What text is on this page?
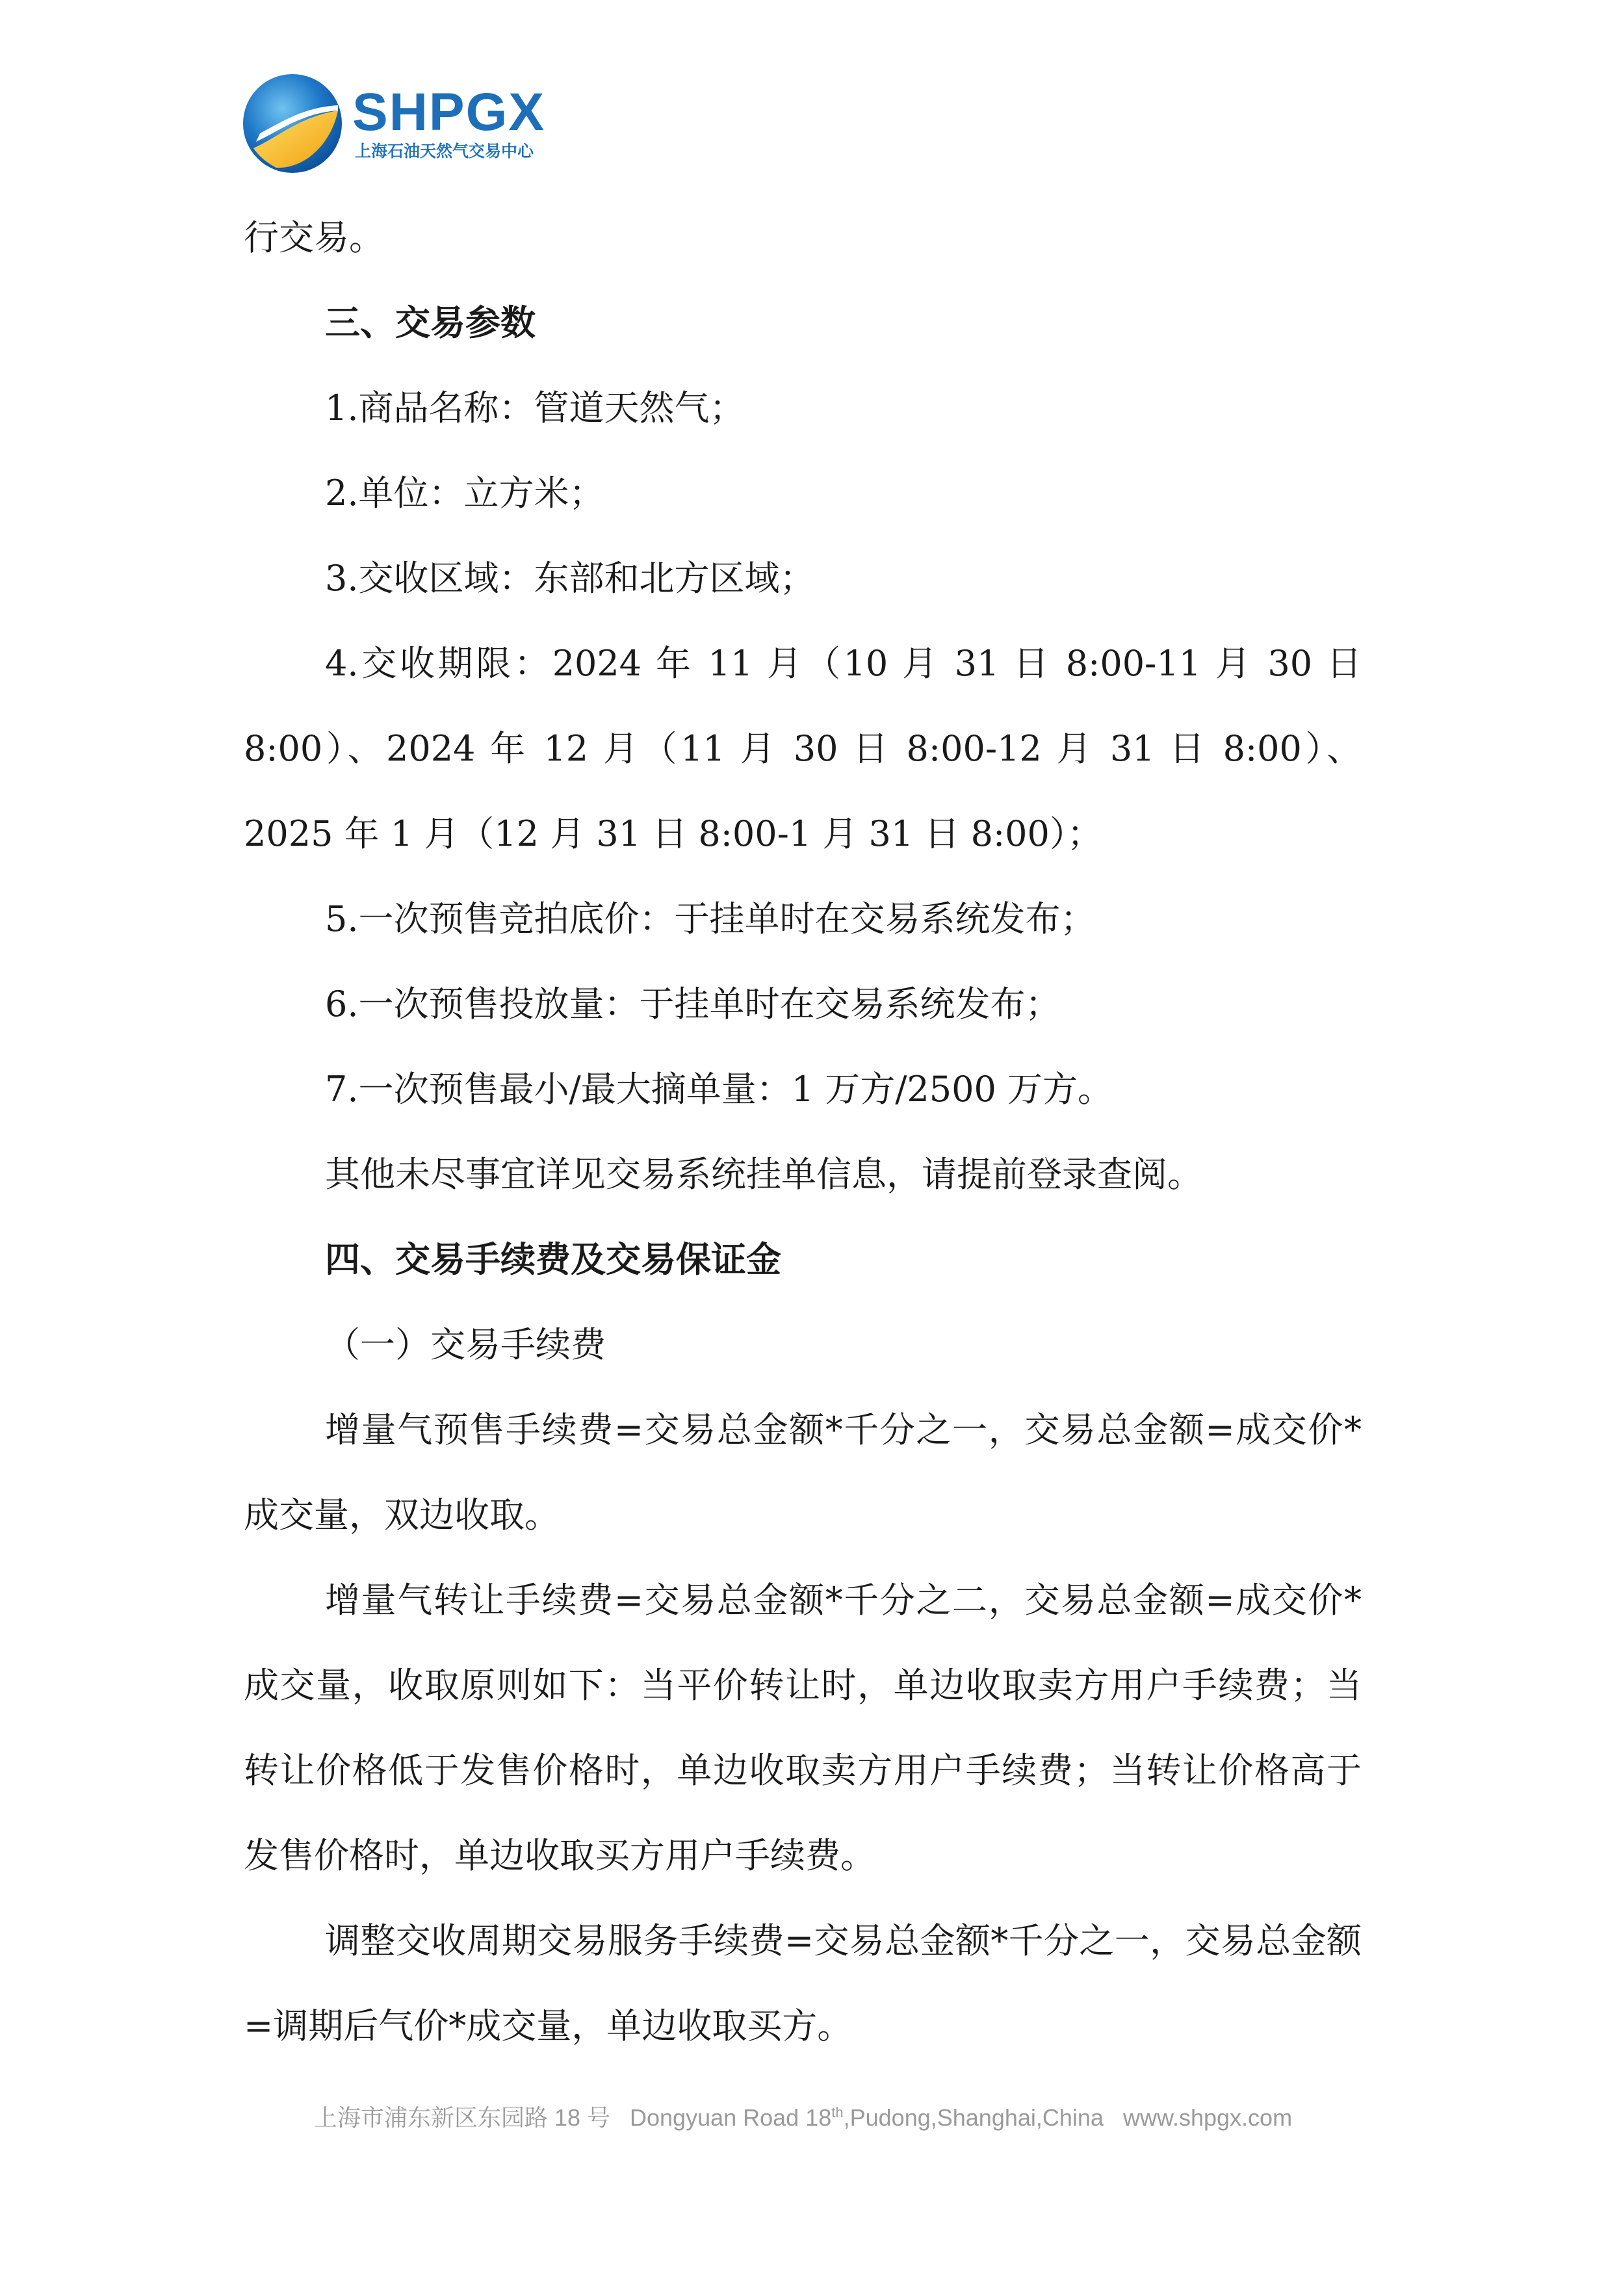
SHPGX
上海石油天然气交易中心

行交易。

三、交易参数

1.商品名称：管道天然气；

2.单位：立方米；

3.交收区域：东部和北方区域；

4.交收期限：2024 年 11 月（10 月 31 日 8:00-11 月 30 日 8:00）、2024 年 12 月（11 月 30 日 8:00-12 月 31 日 8:00）、2025 年 1 月（12 月 31 日 8:00-1 月 31 日 8:00）；

5.一次预售竞拍底价：于挂单时在交易系统发布；

6.一次预售投放量：于挂单时在交易系统发布；

7.一次预售最小/最大摘单量：1 万方/2500 万方。

其他未尽事宜详见交易系统挂单信息，请提前登录查阅。

四、交易手续费及交易保证金

（一）交易手续费

增量气预售手续费=交易总金额*千分之一，交易总金额=成交价*成交量，双边收取。

增量气转让手续费=交易总金额*千分之二，交易总金额=成交价*成交量，收取原则如下：当平价转让时，单边收取卖方用户手续费；当转让价格低于发售价格时，单边收取卖方用户手续费；当转让价格高于发售价格时，单边收取买方用户手续费。

调整交收周期交易服务手续费=交易总金额*千分之一，交易总金额=调期后气价*成交量，单边收取买方。

上海市浦东新区东园路 18 号 Dongyuan Road 18th,Pudong,Shanghai,China www.shpgx.com
